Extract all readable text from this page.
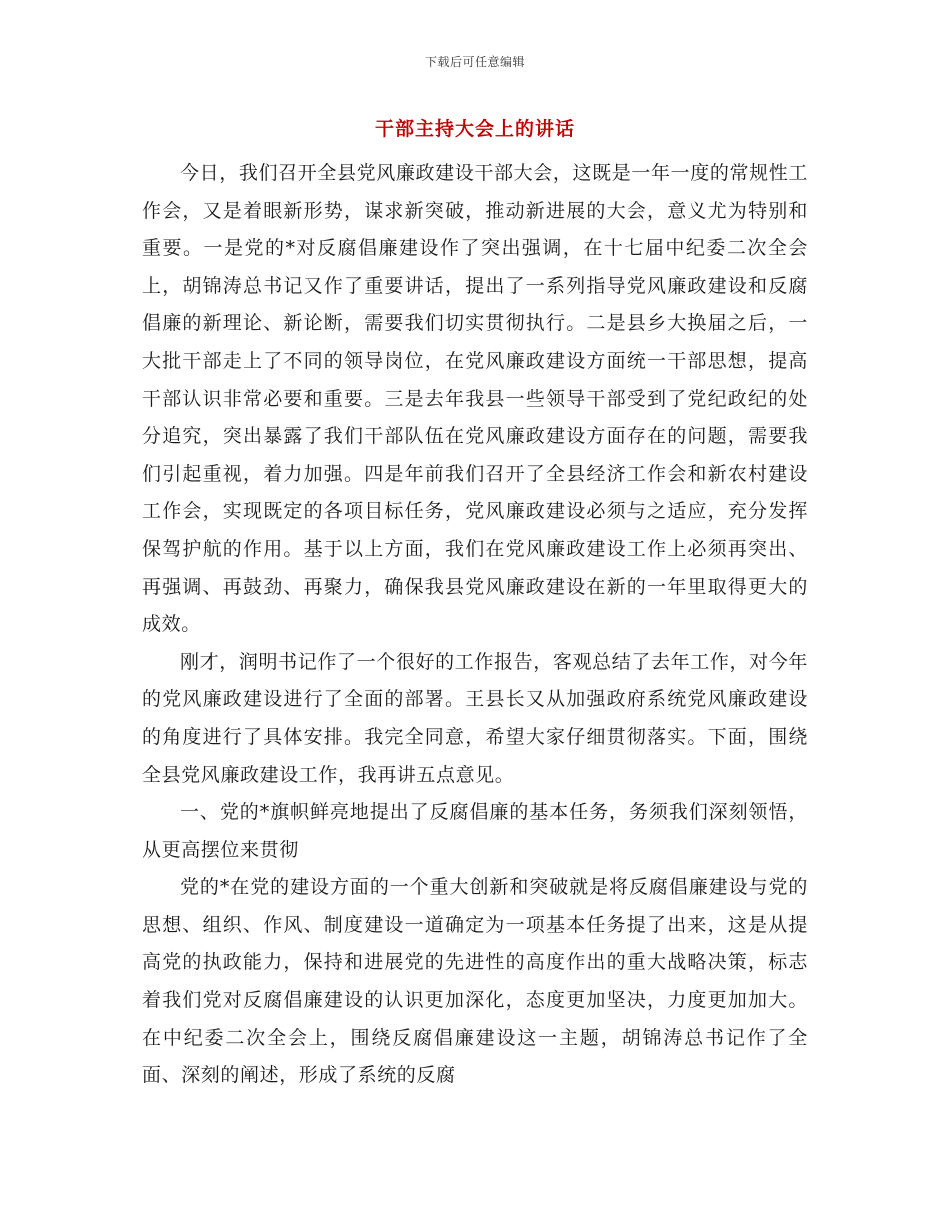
下载后可任意编辑
干部主持大会上的讲话

今日，我们召开全县党风廉政建设干部大会，这既是一年一度的常规性工作会，又是着眼新形势，谋求新突破，推动新进展的大会，意义尤为特别和重要。一是党的*对反腐倡廉建设作了突出强调，在十七届中纪委二次全会上，胡锦涛总书记又作了重要讲话，提出了一系列指导党风廉政建设和反腐倡廉的新理论、新论断，需要我们切实贯彻执行。二是县乡大换届之后，一大批干部走上了不同的领导岗位，在党风廉政建设方面统一干部思想，提高干部认识非常必要和重要。三是去年我县一些领导干部受到了党纪政纪的处分追究，突出暴露了我们干部队伍在党风廉政建设方面存在的问题，需要我们引起重视，着力加强。四是年前我们召开了全县经济工作会和新农村建设工作会，实现既定的各项目标任务，党风廉政建设必须与之适应，充分发挥保驾护航的作用。基于以上方面，我们在党风廉政建设工作上必须再突出、再强调、再鼓劲、再聚力，确保我县党风廉政建设在新的一年里取得更大的成效。

刚才，润明书记作了一个很好的工作报告，客观总结了去年工作，对今年的党风廉政建设进行了全面的部署。王县长又从加强政府系统党风廉政建设的角度进行了具体安排。我完全同意，希望大家仔细贯彻落实。下面，围绕全县党风廉政建设工作，我再讲五点意见。

一、党的*旗帜鲜亮地提出了反腐倡廉的基本任务，务须我们深刻领悟，从更高摆位来贯彻

党的*在党的建设方面的一个重大创新和突破就是将反腐倡廉建设与党的思想、组织、作风、制度建设一道确定为一项基本任务提了出来，这是从提高党的执政能力，保持和进展党的先进性的高度作出的重大战略决策，标志着我们党对反腐倡廉建设的认识更加深化，态度更加坚决，力度更加加大。在中纪委二次全会上，围绕反腐倡廉建设这一主题，胡锦涛总书记作了全面、深刻的阐述，形成了系统的反腐
